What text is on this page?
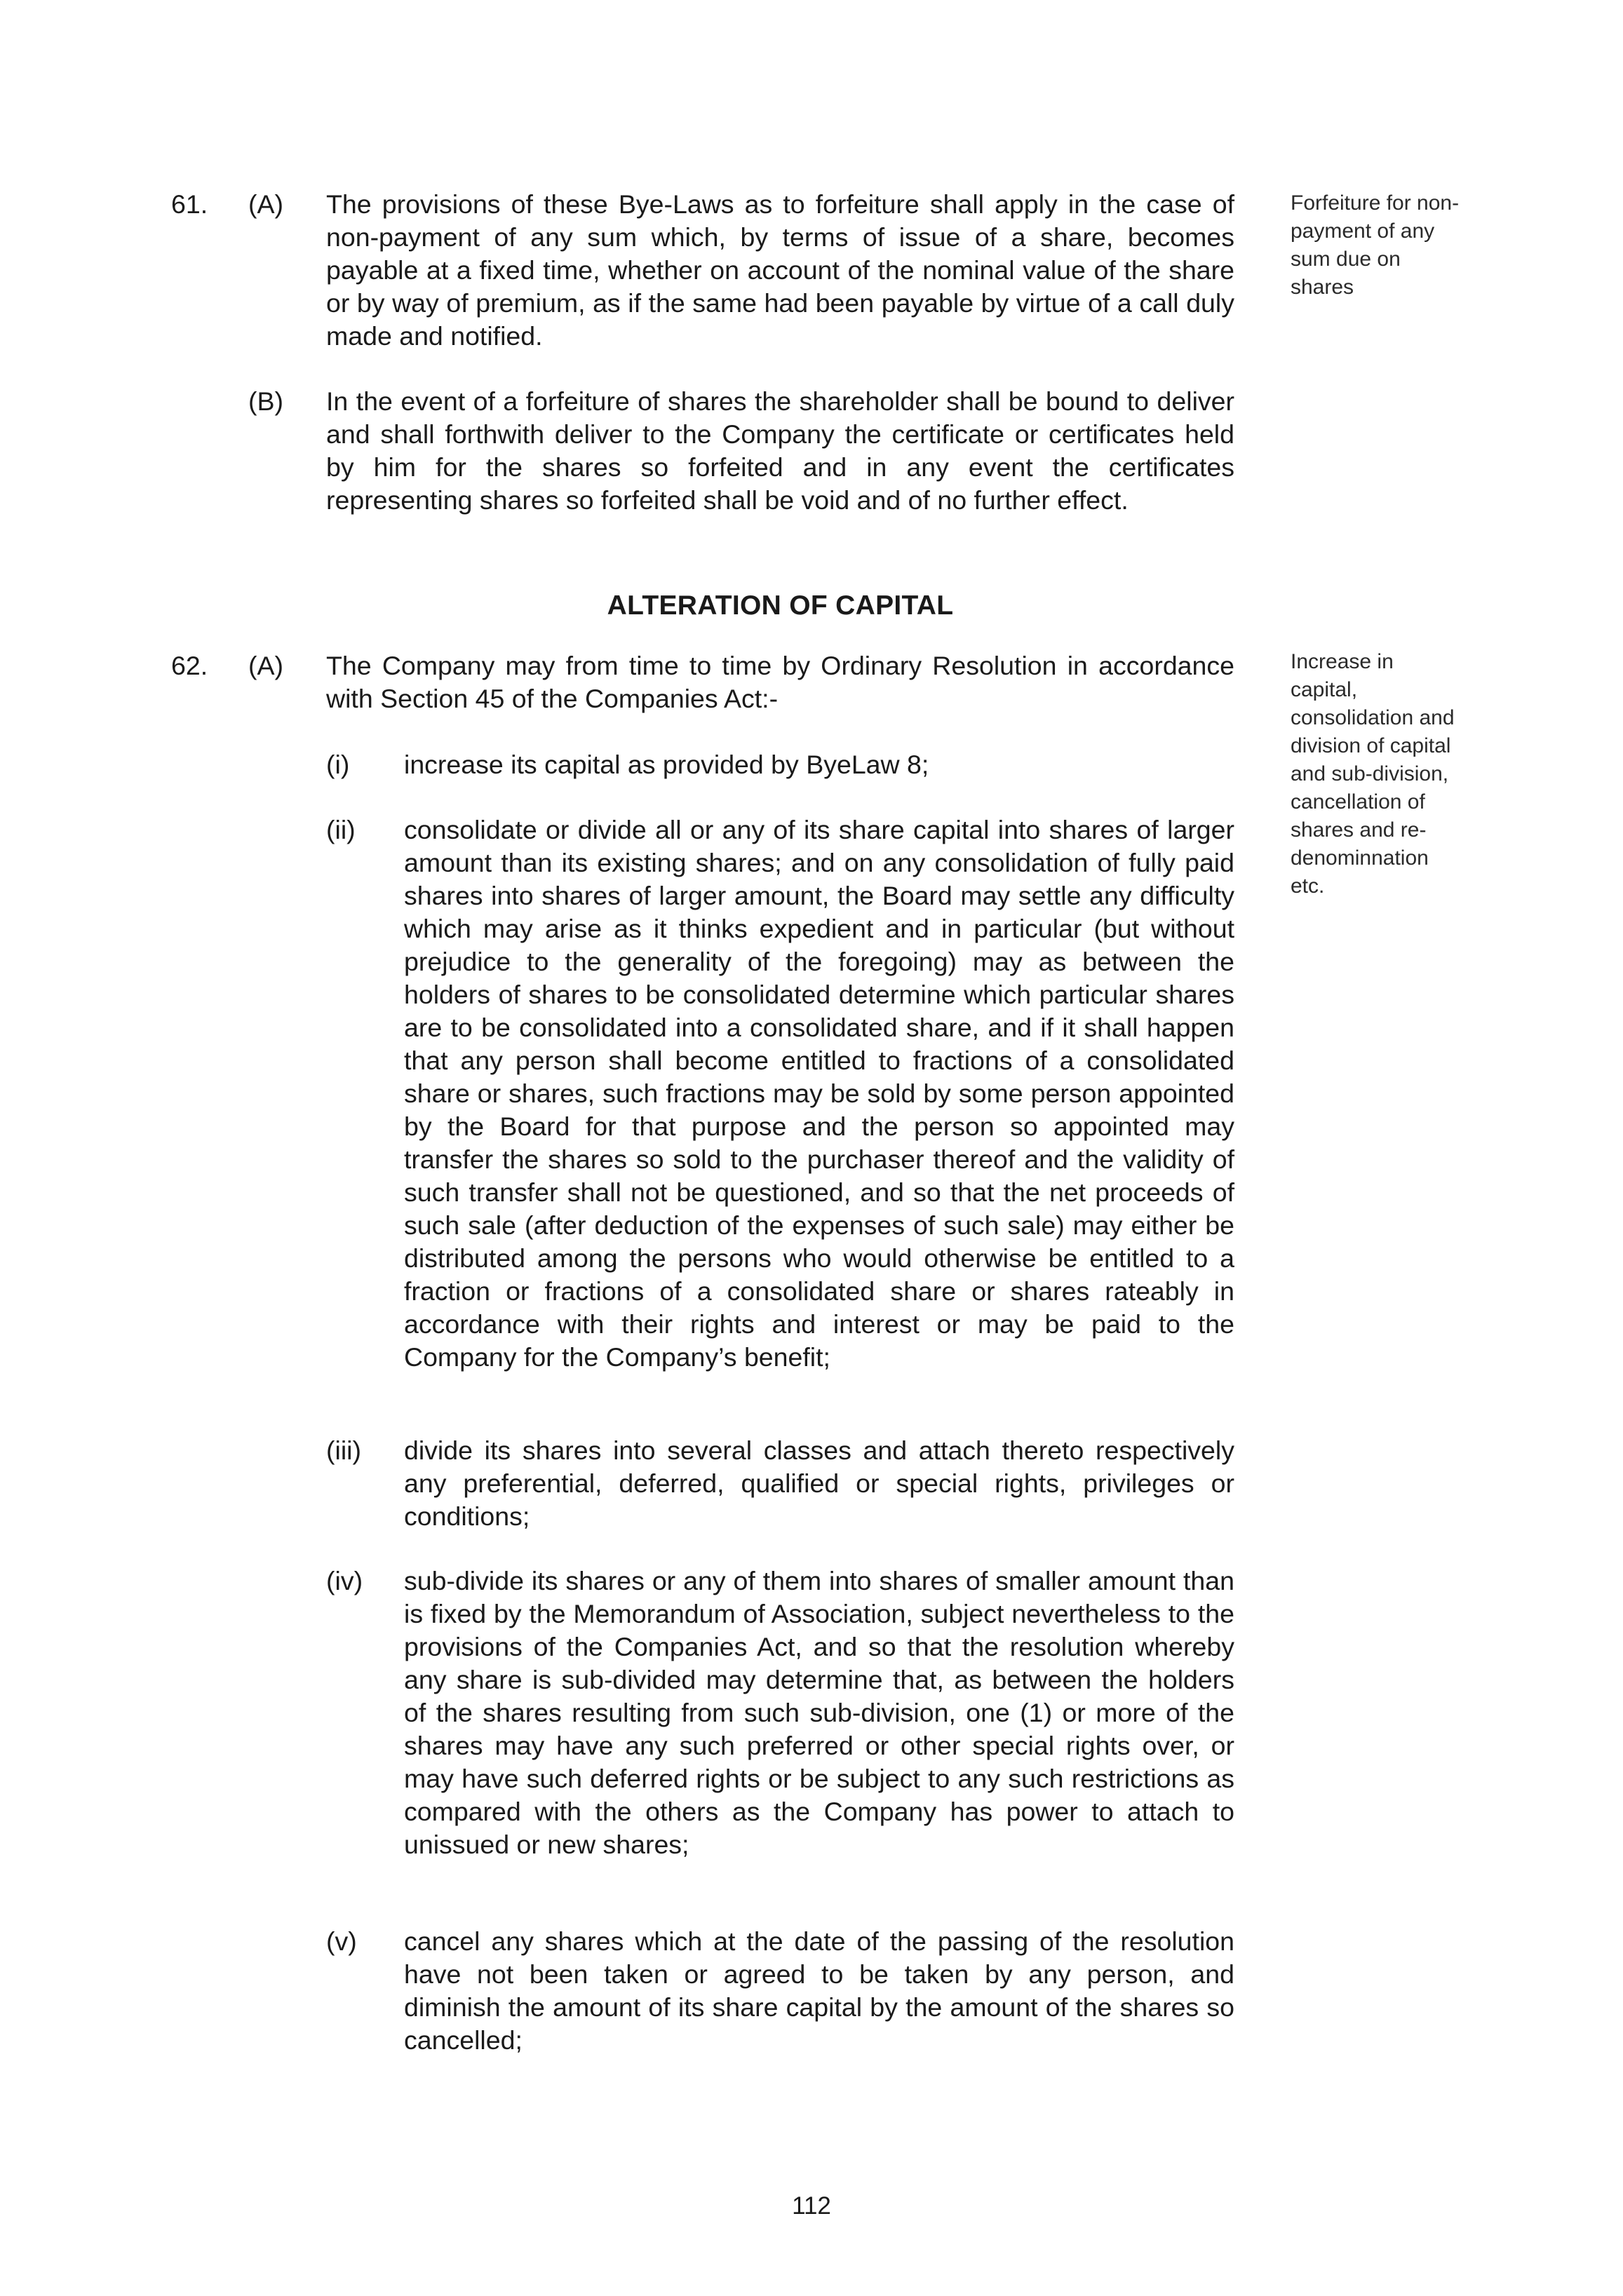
61. (A) The provisions of these Bye-Laws as to forfeiture shall apply in the case of non-payment of any sum which, by terms of issue of a share, becomes payable at a fixed time, whether on account of the nominal value of the share or by way of premium, as if the same had been payable by virtue of a call duly made and notified.
(B) In the event of a forfeiture of shares the shareholder shall be bound to deliver and shall forthwith deliver to the Company the certificate or certificates held by him for the shares so forfeited and in any event the certificates representing shares so forfeited shall be void and of no further effect.
Forfeiture for non-payment of any sum due on shares
ALTERATION OF CAPITAL
62. (A) The Company may from time to time by Ordinary Resolution in accordance with Section 45 of the Companies Act:-
(i) increase its capital as provided by ByeLaw 8;
(ii) consolidate or divide all or any of its share capital into shares of larger amount than its existing shares; and on any consolidation of fully paid shares into shares of larger amount, the Board may settle any difficulty which may arise as it thinks expedient and in particular (but without prejudice to the generality of the foregoing) may as between the holders of shares to be consolidated determine which particular shares are to be consolidated into a consolidated share, and if it shall happen that any person shall become entitled to fractions of a consolidated share or shares, such fractions may be sold by some person appointed by the Board for that purpose and the person so appointed may transfer the shares so sold to the purchaser thereof and the validity of such transfer shall not be questioned, and so that the net proceeds of such sale (after deduction of the expenses of such sale) may either be distributed among the persons who would otherwise be entitled to a fraction or fractions of a consolidated share or shares rateably in accordance with their rights and interest or may be paid to the Company for the Company’s benefit;
(iii) divide its shares into several classes and attach thereto respectively any preferential, deferred, qualified or special rights, privileges or conditions;
(iv) sub-divide its shares or any of them into shares of smaller amount than is fixed by the Memorandum of Association, subject nevertheless to the provisions of the Companies Act, and so that the resolution whereby any share is sub-divided may determine that, as between the holders of the shares resulting from such sub-division, one (1) or more of the shares may have any such preferred or other special rights over, or may have such deferred rights or be subject to any such restrictions as compared with the others as the Company has power to attach to unissued or new shares;
(v) cancel any shares which at the date of the passing of the resolution have not been taken or agreed to be taken by any person, and diminish the amount of its share capital by the amount of the shares so cancelled;
Increase in capital, consolidation and division of capital and sub-division, cancellation of shares and re-denominnation etc.
112
